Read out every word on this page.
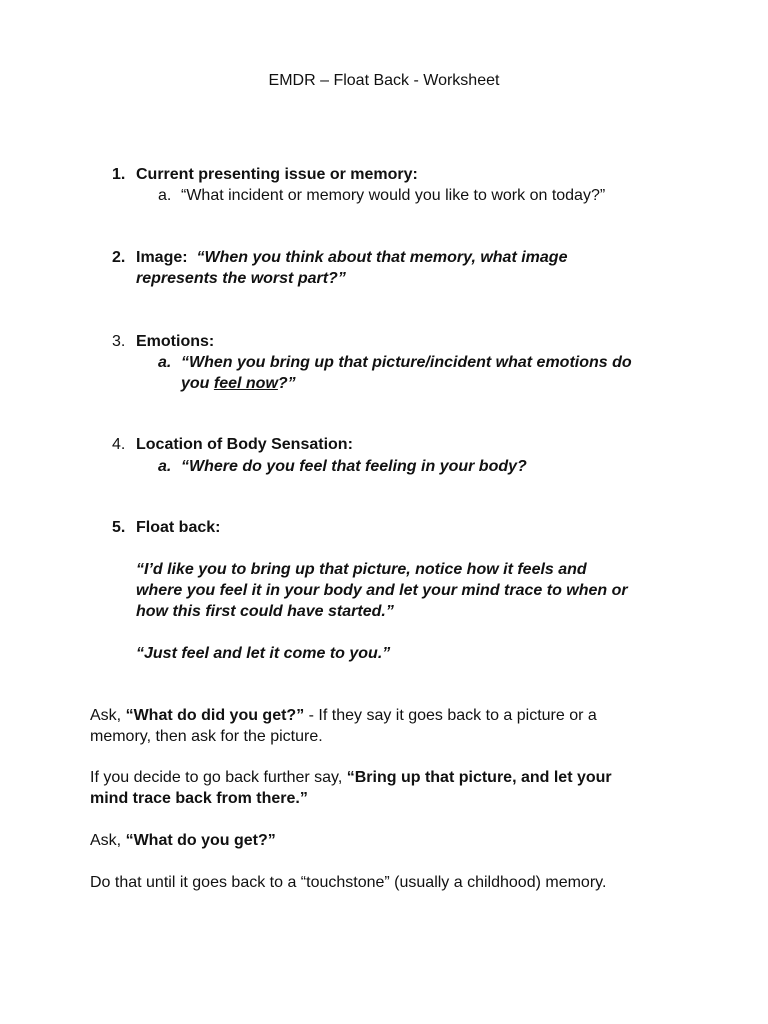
EMDR – Float Back - Worksheet
1. Current presenting issue or memory:
a. “What incident or memory would you like to work on today?”
2. Image: “When you think about that memory, what image
represents the worst part?”
3. Emotions:
a. “When you bring up that picture/incident what emotions do
you feel now?”
4. Location of Body Sensation:
a. “Where do you feel that feeling in your body?
5. Float back:
“I’d like you to bring up that picture, notice how it feels and
where you feel it in your body and let your mind trace to when or
how this first could have started.”
“Just feel and let it come to you.”
Ask, “What do did you get?” - If they say it goes back to a picture or a
memory, then ask for the picture.
If you decide to go back further say, “Bring up that picture, and let your
mind trace back from there.”
Ask, “What do you get?”
Do that until it goes back to a “touchstone” (usually a childhood) memory.
